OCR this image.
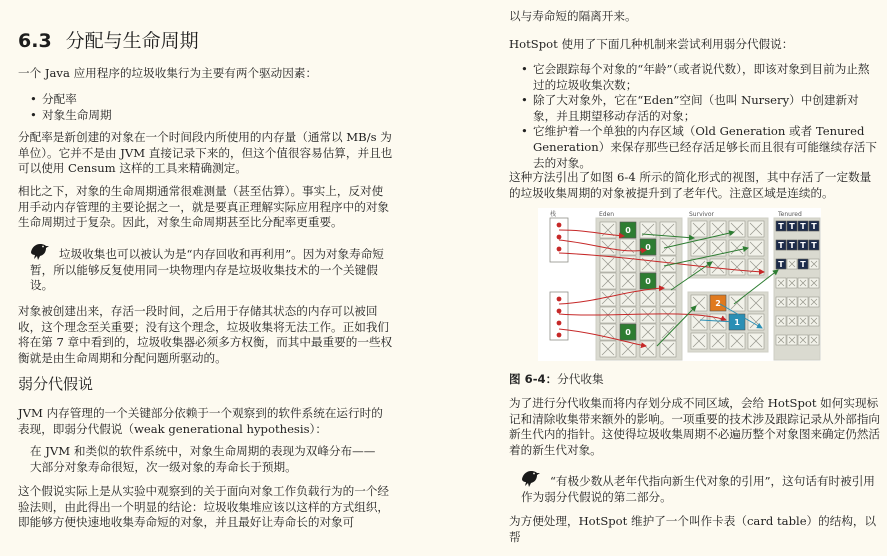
6.3 分配与生命周期

一个 Java 应用程序的垃圾收集行为主要有两个驱动因素：

• 分配率
• 对象生命周期

分配率是新创建的对象在一个时间段内所使用的内存量（通常以 MB/s 为单位）。它并不是由 JVM 直接记录下来的，但这个值很容易估算，并且也可以使用 Censum 这样的工具来精确测定。

相比之下，对象的生命周期通常很难测量（甚至估算）。事实上，反对使用手动内存管理的主要论据之一，就是要真正理解实际应用程序中的对象生命周期过于复杂。因此，对象生命周期甚至比分配率更重要。

垃圾收集也可以被认为是“内存回收和再利用”。因为对象寿命短暂，所以能够反复使用同一块物理内存是垃圾收集技术的一个关键假设。

对象被创建出来，存活一段时间，之后用于存储其状态的内存可以被回收，这个理念至关重要；没有这个理念，垃圾收集将无法工作。正如我们将在第 7 章中看到的，垃圾收集器必须多方权衡，而其中最重要的一些权衡就是由生命周期和分配问题所驱动的。

弱分代假说

JVM 内存管理的一个关键部分依赖于一个观察到的软件系统在运行时的表现，即弱分代假说（weak generational hypothesis）：

在 JVM 和类似的软件系统中，对象生命周期的表现为双峰分布——大部分对象寿命很短，次一级对象的寿命长于预期。

这个假说实际上是从实验中观察到的关于面向对象工作负载行为的一个经验法则，由此得出一个明显的结论：垃圾收集堆应该以这样的方式组织，即能够方便快速地收集寿命短的对象，并且最好让寿命长的对象可

以与寿命短的隔离开来。

HotSpot 使用了下面几种机制来尝试利用弱分代假说：

• 它会跟踪每个对象的“年龄”（或者说代数），即该对象到目前为止熬过的垃圾收集次数；
• 除了大对象外，它在“Eden”空间（也叫 Nursery）中创建新对象，并且期望移动存活的对象；
• 它维护着一个单独的内存区域（Old Generation 或者 Tenured Generation）来保存那些已经存活足够长而且很有可能继续存活下去的对象。

这种方法引出了如图 6-4 所示的简化形式的视图，其中存活了一定数量的垃圾收集周期的对象被提升到了老年代。注意区域是连续的。

栈	Eden	Survivor	Tenured
0
0
0
0
2
1
T T T T
T T T T
T T

图 6-4：分代收集

为了进行分代收集而将内存划分成不同区域，会给 HotSpot 如何实现标记和清除收集带来额外的影响。一项重要的技术涉及跟踪记录从外部指向新生代内的指针。这使得垃圾收集周期不必遍历整个对象图来确定仍然活着的新生代对象。

“有极少数从老年代指向新生代对象的引用”，这句话有时被引用作为弱分代假说的第二部分。

为方便处理，HotSpot 维护了一个叫作卡表（card table）的结构，以帮
